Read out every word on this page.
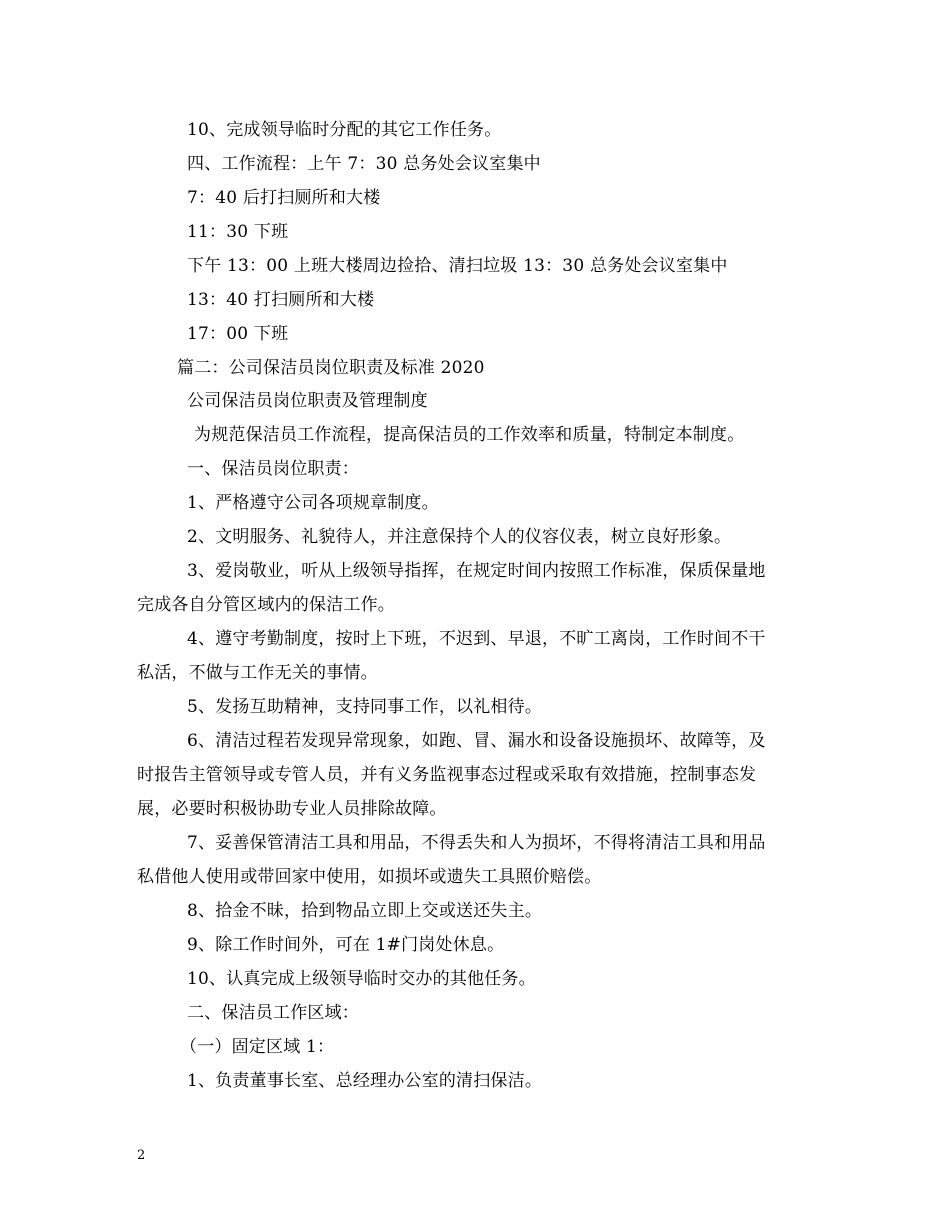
10、完成领导临时分配的其它工作任务。
四、工作流程：上午 7：30 总务处会议室集中
7：40 后打扫厕所和大楼
11：30 下班
下午 13：00 上班大楼周边捡拾、清扫垃圾 13：30 总务处会议室集中
13：40 打扫厕所和大楼
17：00 下班
篇二：公司保洁员岗位职责及标准 2020
公司保洁员岗位职责及管理制度
为规范保洁员工作流程，提高保洁员的工作效率和质量，特制定本制度。
一、保洁员岗位职责：
1、严格遵守公司各项规章制度。
2、文明服务、礼貌待人，并注意保持个人的仪容仪表，树立良好形象。
3、爱岗敬业，听从上级领导指挥，在规定时间内按照工作标准，保质保量地
完成各自分管区域内的保洁工作。
4、遵守考勤制度，按时上下班，不迟到、早退，不旷工离岗，工作时间不干
私活，不做与工作无关的事情。
5、发扬互助精神，支持同事工作，以礼相待。
6、清洁过程若发现异常现象，如跑、冒、漏水和设备设施损坏、故障等，及
时报告主管领导或专管人员，并有义务监视事态过程或采取有效措施，控制事态发
展，必要时积极协助专业人员排除故障。
7、妥善保管清洁工具和用品，不得丢失和人为损坏，不得将清洁工具和用品
私借他人使用或带回家中使用，如损坏或遗失工具照价赔偿。
8、拾金不昧，拾到物品立即上交或送还失主。
9、除工作时间外，可在 1#门岗处休息。
10、认真完成上级领导临时交办的其他任务。
二、保洁员工作区域：
（一）固定区域 1：
1、负责董事长室、总经理办公室的清扫保洁。
2
